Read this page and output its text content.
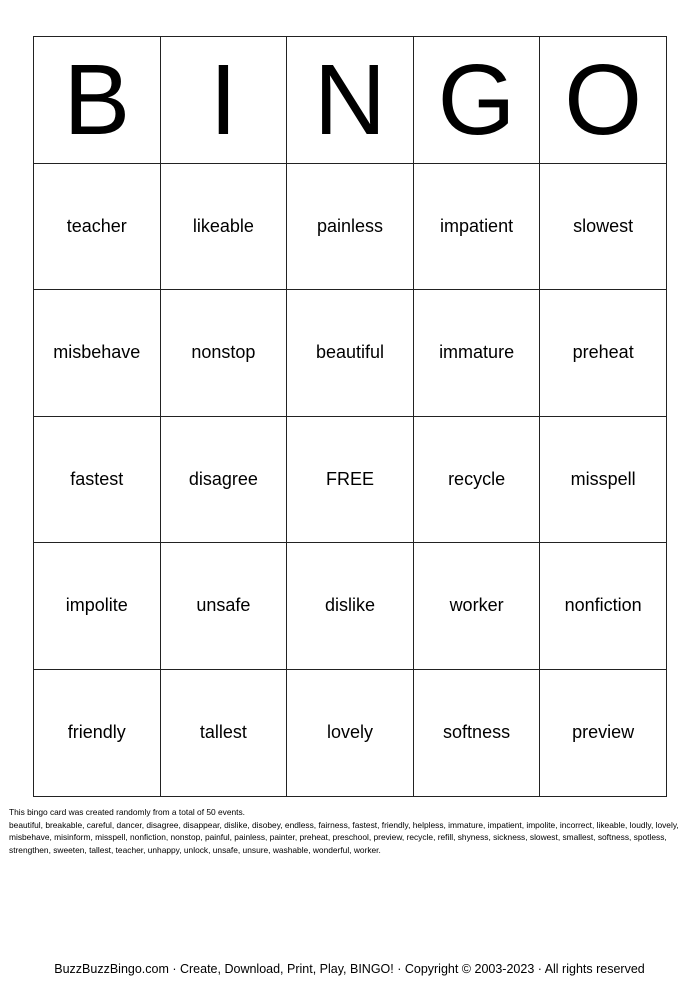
B	I	N	G	O
teacher	likeable	painless	impatient	slowest
misbehave	nonstop	beautiful	immature	preheat
fastest	disagree	FREE	recycle	misspell
impolite	unsafe	dislike	worker	nonfiction
friendly	tallest	lovely	softness	preview
This bingo card was created randomly from a total of 50 events.
beautiful, breakable, careful, dancer, disagree, disappear, dislike, disobey, endless, fairness, fastest, friendly, helpless, immature, impatient, impolite, incorrect, likeable, loudly, lovely, misbehave, misinform, misspell, nonfiction, nonstop, painful, painless, painter, preheat, preschool, preview, recycle, refill, shyness, sickness, slowest, smallest, softness, spotless, strengthen, sweeten, tallest, teacher, unhappy, unlock, unsafe, unsure, washable, wonderful, worker.
BuzzBuzzBingo.com · Create, Download, Print, Play, BINGO! · Copyright © 2003-2023 · All rights reserved
